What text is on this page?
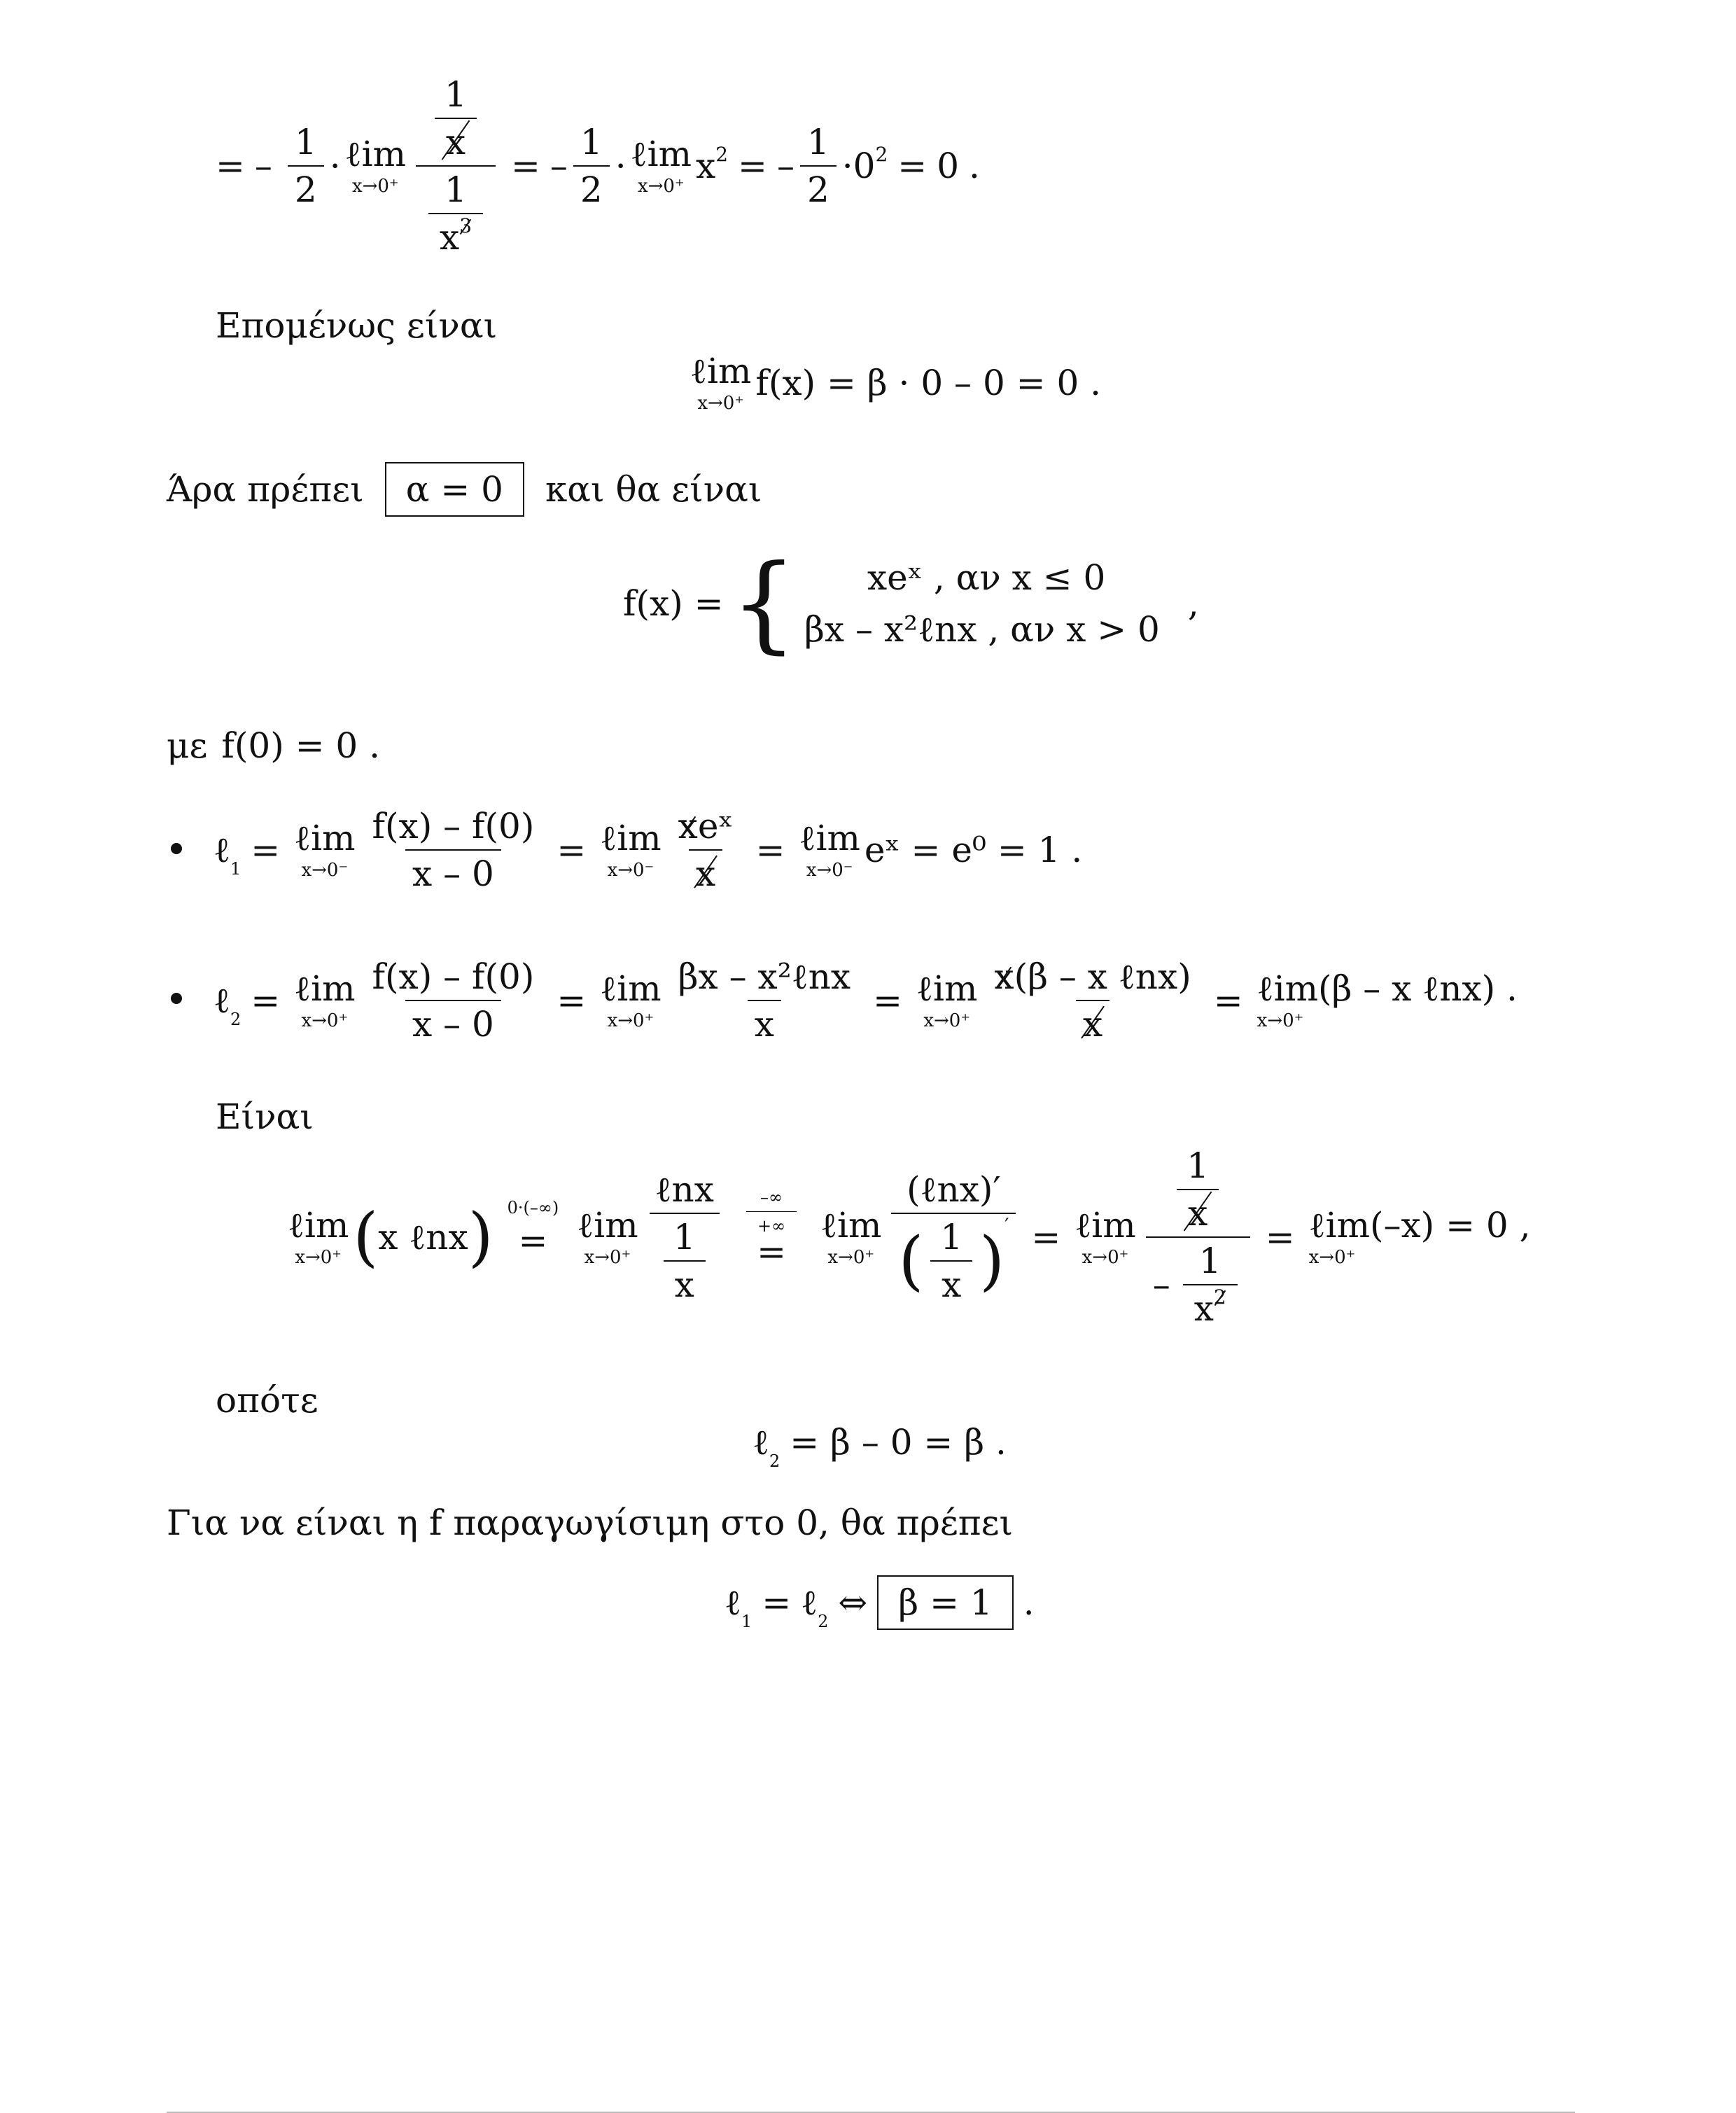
= – $\frac{1}{2}$ · ℓim
$x\to 0^+ \frac{\frac{1}{x}}{\frac{1}{x3}}$ = – $\frac{1}{2}$ · ℓim
x→0⁺ $x^2$ = – $\frac{1}{2} \cdot 0^2 = 0$ .
Επομένως είναι
ℓim
x→0⁺ f(x) = β · 0 – 0 = 0 .
Άρα πρέπει	α = 0	και θα είναι
f(x) = {	xeˣ , αν x ≤ 0
βx – x²ℓnx , αν x > 0
,
με f(0) = 0 .
ℓ$_1$ = ℓim
$x\to 0^- \frac{f(x) - f(0)}{x - 0}$ = ℓim
$x\to 0^- \frac{\text{xeˣ}}{x}$ = ℓim
x→0⁻ eˣ = e⁰ = 1 .
ℓ$_2$ = ℓim
$x\to 0^+ \frac{f(x) - f(0)}{x - 0}$ = ℓim
$x\to 0^+ \frac{\text{βx – x²ℓnx}}{x}$ = ℓim
$x\to 0^+ \frac{\text{x(β – x ℓnx)}}{x}$ = ℓim(β – x ℓnx) .
x→0⁺
Είναι
ℓim
x→0⁺ ( x ℓnx ) 0·(–∞)
= ℓim
$x\to 0^+ \frac{\text{ℓnx}}{\frac{1}{x}} \frac{-\infty}{+\infty}$
=
ℓim
$x\to 0^+ \frac{\text{(ℓnx)′}}{( \frac{1}{x} ) '}$ = ℓim
$x\to 0^+ \frac{\frac{1}{x}}{- \frac{1}{x2}}$ = ℓim(–x) = 0 ,
x→0⁺
οπότε
ℓ$_2$ = β – 0 = β .
Για να είναι η f παραγωγίσιμη στο 0, θα πρέπει
ℓ$_1$ = ℓ$_2$ ⇔ β = 1 .
